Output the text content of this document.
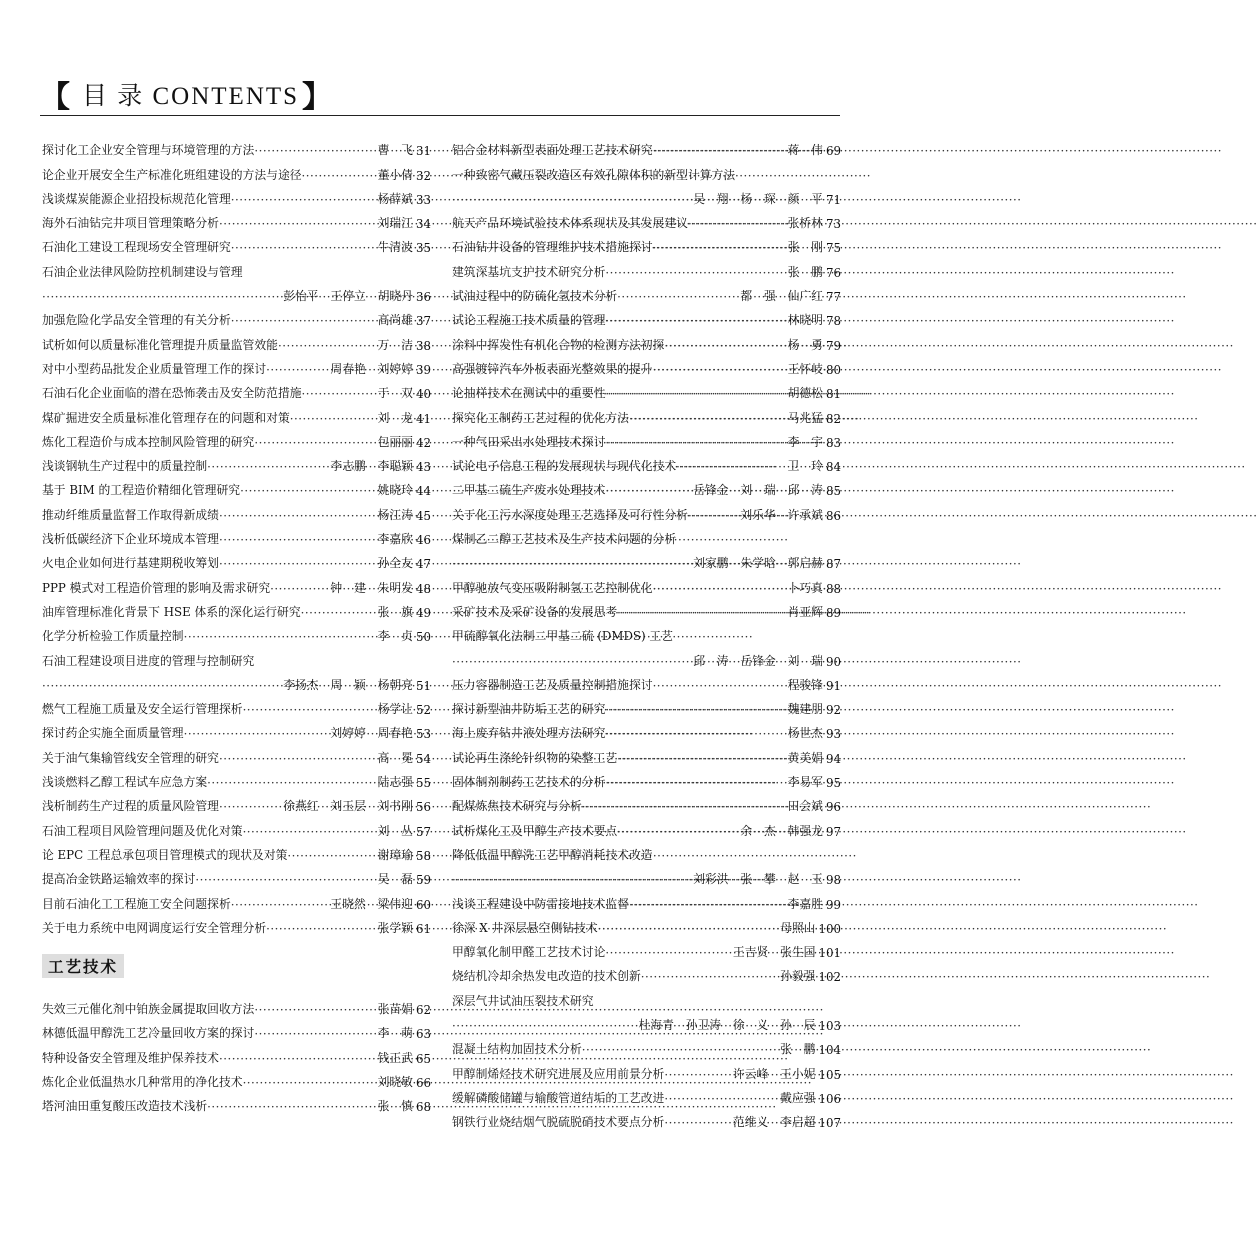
【 目 录 CONTENTS 】
探讨化工企业安全管理与环境管理的方法 ·····	曹　飞 31
论企业开展安全生产标准化班组建设的方法与途径 ·····	董小倩 32
浅谈煤炭能源企业招投标规范化管理 ·····	杨薛斌 33
海外石油钻完井项目管理策略分析 ·····	刘瑞江 34
石油化工建设工程现场安全管理研究 ·····	牛清波 35
石油企业法律风险防控机制建设与管理
·····
彭怡平　王停立　胡晓丹 36
加强危险化学品安全管理的有关分析 ·····	高尚雄 37
试析如何以质量标准化管理提升质量监管效能 ·····	万　洁 38
对中小型药品批发企业质量管理工作的探讨 ·····	周春艳　刘婷婷 39
石油石化企业面临的潜在恐怖袭击及安全防范措施 ·····	于　双 40
煤矿掘进安全质量标准化管理存在的问题和对策 ·····	刘　龙 41
炼化工程造价与成本控制风险管理的研究 ·····	包丽丽 42
浅谈钢轨生产过程中的质量控制 ·····	李志鹏　李聪颖 43
基于 BIM 的工程造价精细化管理研究 ·····	姚晓玲 44
推动纤维质量监督工作取得新成绩 ·····	杨江涛 45
浅析低碳经济下企业环境成本管理 ·····	李嘉欣 46
火电企业如何进行基建期税收筹划 ·····	孙全友 47
PPP 模式对工程造价管理的影响及需求研究 ·····	钟　建　朱明发 48
油库管理标准化背景下 HSE 体系的深化运行研究 ·····	张　旗 49
化学分析检验工作质量控制 ·····	李　贞 50
石油工程建设项目进度的管理与控制研究
·····
李扬杰　周　颖　杨朝亮 51
燃气工程施工质量及安全运行管理探析 ·····	杨学让 52
探讨药企实施全面质量管理 ·····	刘婷婷　周春艳 53
关于油气集输管线安全管理的研究 ·····	高　冕 54
浅谈燃料乙醇工程试车应急方案 ·····	陆志强 55
浅析制药生产过程的质量风险管理 ·····	徐燕红　刘玉层　刘书刚 56
石油工程项目风险管理问题及优化对策 ·····	刘　丛 57
论 EPC 工程总承包项目管理模式的现状及对策 ·····	谢璋瑜 58
提高冶金铁路运输效率的探讨 ·····	吴　磊 59
目前石油化工工程施工安全问题探析 ·····	王晓然　梁伟迎 60
关于电力系统中电网调度运行安全管理分析 ·····	张学颖 61
工艺技术
失效三元催化剂中铂族金属提取回收方法 ·····	张苗娟 62
林德低温甲醇洗工艺冷量回收方案的探讨 ·····	李　萌 63
特种设备安全管理及维护保养技术 ·····	钱正武 65
炼化企业低温热水几种常用的净化技术 ·····	刘晓敏 66
塔河油田重复酸压改造技术浅析 ·····	张　慎 68
铝合金材料新型表面处理工艺技术研究 ·····	蒋　伟 69
一种致密气藏压裂改造区有效孔隙体积的新型计算方法
·····
吴　翔　杨　琛　颜　平 71
航天产品环境试验技术体系现状及其发展建议 ·····	张桥林 73
石油钻井设备的管理维护技术措施探讨 ·····	张　刚 75
建筑深基坑支护技术研究分析 ·····	张　鹏 76
试油过程中的防硫化氢技术分析 ·····	都　强　仙广红 77
试论工程施工技术质量的管理 ·····	林晓明 78
涂料中挥发性有机化合物的检测方法初探 ·····	杨　勇 79
高强镀锌汽车外板表面光整效果的提升 ·····	王怀岐 80
论抽样技术在测试中的重要性 ·····	胡德松 81
探究化工制药工艺过程的优化方法 ·····	马兆猛 82
一种气田采出水处理技术探讨 ·····	李　宇 83
试论电子信息工程的发展现状与现代化技术 ·····	卫　玲 84
二甲基二硫生产废水处理技术 ·····	岳锋金　刘　瑞　邱　涛 85
关于化工污水深度处理工艺选择及可行性分析 ·····	刘乐华　许承斌 86
煤制乙二醇工艺技术及生产技术问题的分析
·····
刘家鹏　朱学晗　郭启赫 87
甲醇驰放气变压吸附制氢工艺控制优化 ·····	卜巧真 88
采矿技术及采矿设备的发展思考 ·····	肖亚辉 89
甲硫醇氧化法制二甲基二硫 (DMDS) 工艺
·····
邱　涛　岳锋金　刘　瑞 90
压力容器制造工艺及质量控制措施探讨 ·····	程骏锋 91
探讨新型油井防垢工艺的研究 ·····	魏建朋 92
海上废弃钻井液处理方法研究 ·····	杨世杰 93
试论再生涤纶针织物的染整工艺 ·····	黄美娟 94
固体制剂制药工艺技术的分析 ·····	李易军 95
配煤炼焦技术研究与分析 ·····	田会斌 96
试析煤化工及甲醇生产技术要点 ·····	余　杰　韩强龙 97
降低低温甲醇洗工艺甲醇消耗技术改造
·····
刘彩洪　张　攀　赵　玉 98
浅谈工程建设中防雷接地技术监督 ·····	李嘉胜 99
徐深 X 井深层悬空侧钻技术 ·····	母照山 100
甲醇氧化制甲醛工艺技术讨论 ·····	王吉贤　张生国 101
烧结机冷却余热发电改造的技术创新 ·····	孙毅强 102
深层气井试油压裂技术研究
·····
杜海青　孙卫涛　徐　义　孙　辰 103
混凝土结构加固技术分析 ·····	张　鹏 104
甲醇制烯烃技术研究进展及应用前景分析 ·····	许云峰　王小妮 105
缓解磷酸储罐与输酸管道结垢的工艺改进 ·····	戴应强 106
钢铁行业烧结烟气脱硫脱硝技术要点分析 ·····	范维义　李启超 107
